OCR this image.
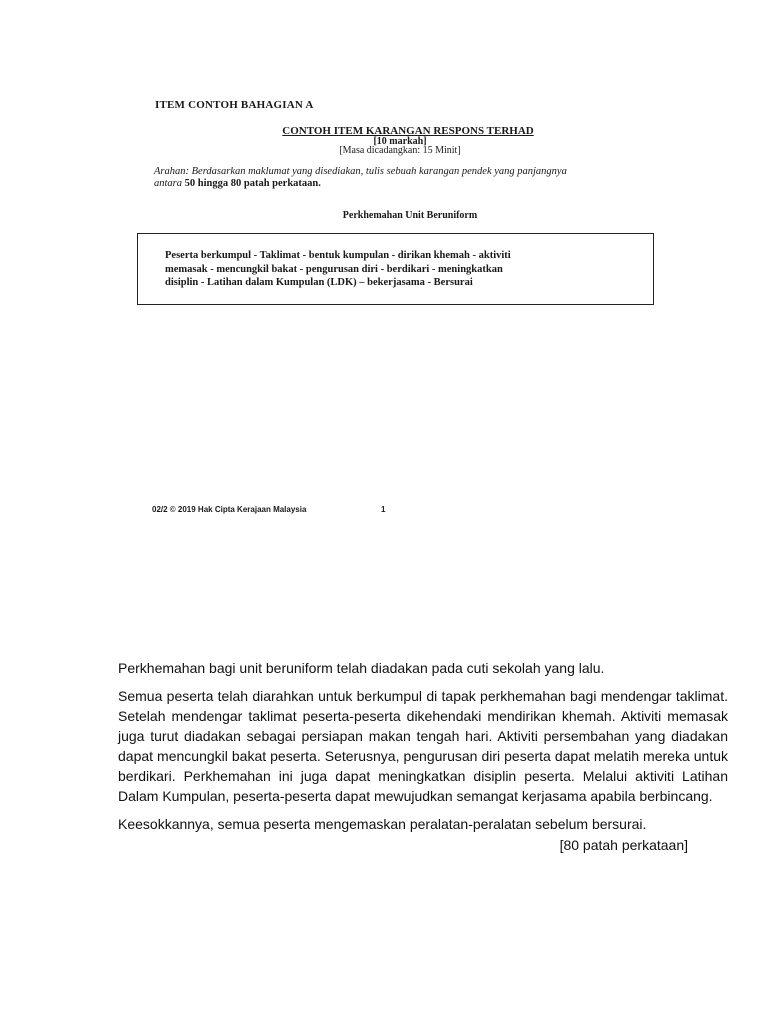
ITEM CONTOH BAHAGIAN A
CONTOH ITEM KARANGAN RESPONS TERHAD
[10 markah]
[Masa dicadangkan: 15 Minit]
Arahan: Berdasarkan maklumat yang disediakan, tulis sebuah karangan pendek yang panjangnya antara 50 hingga 80 patah perkataan.
Perkhemahan Unit Beruniform
Peserta berkumpul - Taklimat - bentuk kumpulan - dirikan khemah - aktiviti
memasak - mencungkil bakat - pengurusan diri - berdikari - meningkatkan
disiplin - Latihan dalam Kumpulan (LDK) – bekerjasama - Bersurai
02/2 © 2019 Hak Cipta Kerajaan Malaysia	1

Perkhemahan bagi unit beruniform telah diadakan pada cuti sekolah yang lalu.

Semua peserta telah diarahkan untuk berkumpul di tapak perkhemahan bagi mendengar taklimat. Setelah mendengar taklimat peserta-peserta dikehendaki mendirikan khemah. Aktiviti memasak juga turut diadakan sebagai persiapan makan tengah hari. Aktiviti persembahan yang diadakan dapat mencungkil bakat peserta. Seterusnya, pengurusan diri peserta dapat melatih mereka untuk berdikari. Perkhemahan ini juga dapat meningkatkan disiplin peserta. Melalui aktiviti Latihan Dalam Kumpulan, peserta-peserta dapat mewujudkan semangat kerjasama apabila berbincang.

Keesokkannya, semua peserta mengemaskan peralatan-peralatan sebelum bersurai.

[80 patah perkataan]
